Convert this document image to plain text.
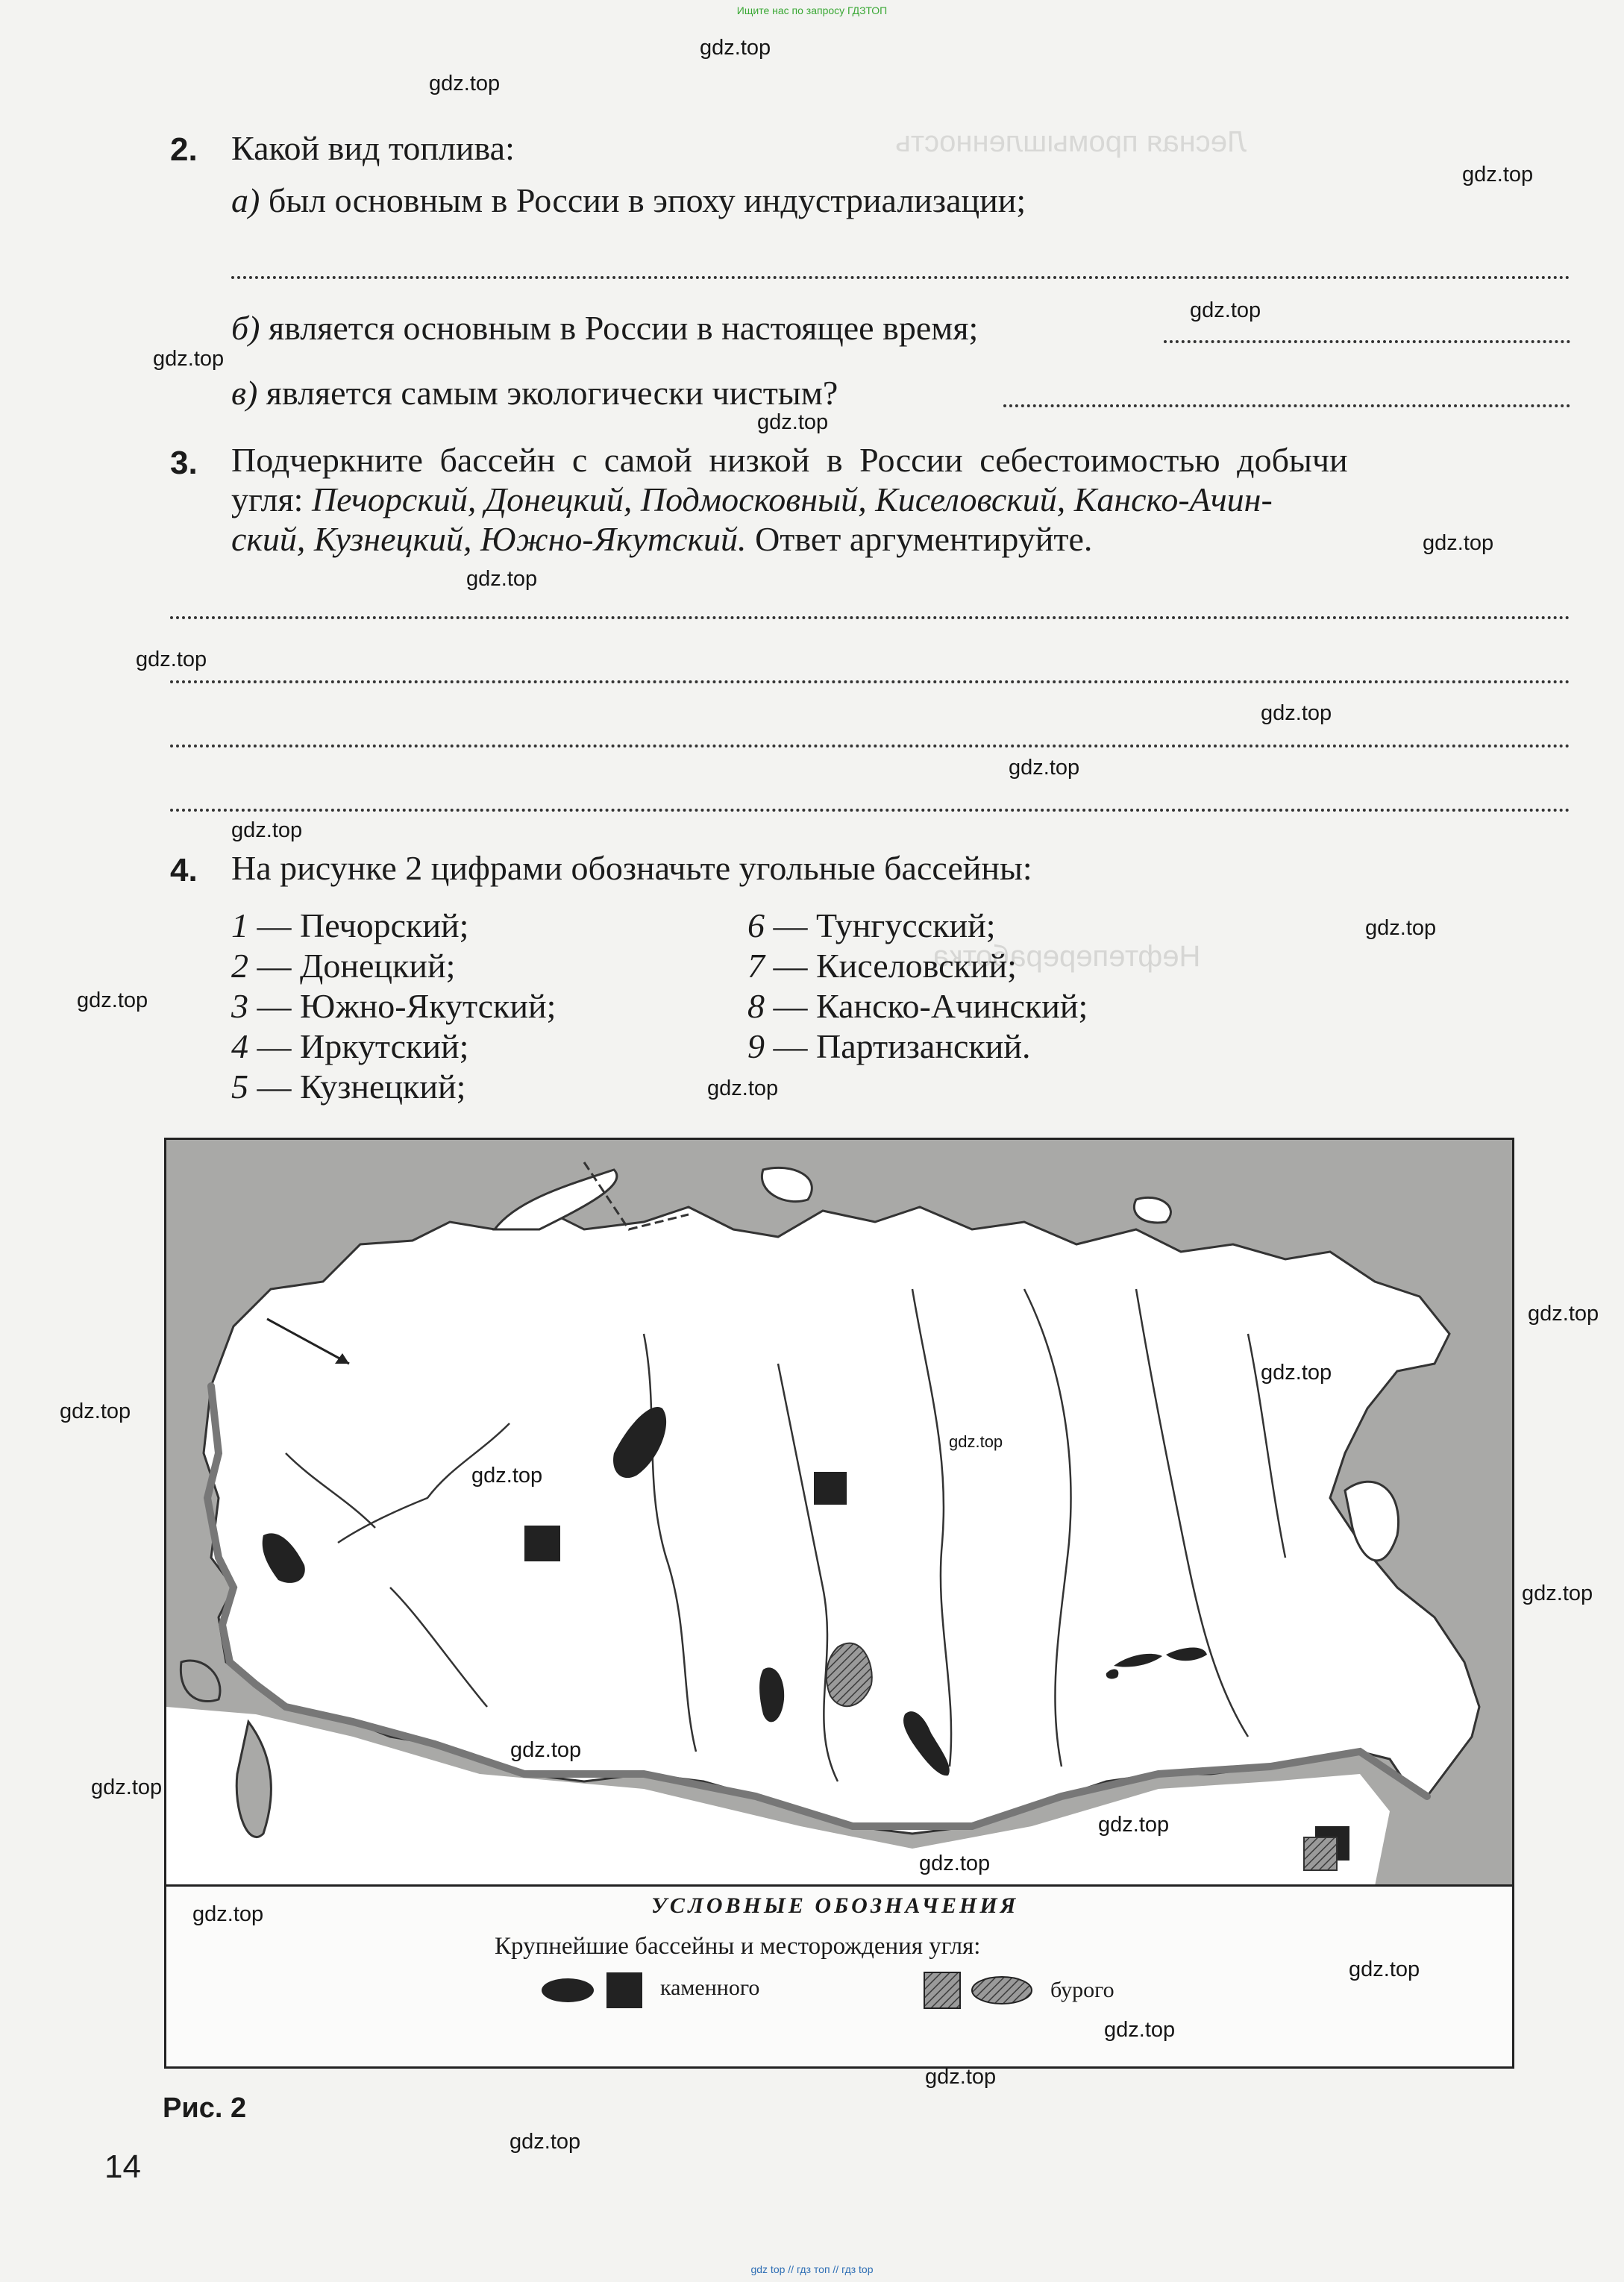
Ищите нас по запросу ГДЗТОП
gdz top // гдз топ // гдз top
Лесная промышленность
Нефтепереработка
2. Какой вид топлива:
а) был основным в России в эпоху индустриализации;
б) является основным в России в настоящее время;
в) является самым экологически чистым?
3. Подчеркните бассейн с самой низкой в России себестоимостью добычи
угля: Печорский, Донецкий, Подмосковный, Киселовский, Канско-Ачин-
ский, Кузнецкий, Южно-Якутский. Ответ аргументируйте.
4. На рисунке 2 цифрами обозначьте угольные бассейны:
1 — Печорский;
2 — Донецкий;
3 — Южно-Якутский;
4 — Иркутский;
5 — Кузнецкий;
6 — Тунгусский;
7 — Киселовский;
8 — Канско-Ачинский;
9 — Партизанский.
УСЛОВНЫЕ ОБОЗНАЧЕНИЯ
Крупнейшие бассейны и месторождения угля:
каменного	бурого
Рис. 2
14
gdz.top
gdz.top
gdz.top
gdz.top
gdz.top
gdz.top
gdz.top
gdz.top
gdz.top
gdz.top
gdz.top
gdz.top
gdz.top
gdz.top
gdz.top
gdz.top
gdz.top
gdz.top
gdz.top
gdz.top
gdz.top
gdz.top
gdz.top
gdz.top
gdz.top
gdz.top
gdz.top
gdz.top
gdz.top
gdz.top
